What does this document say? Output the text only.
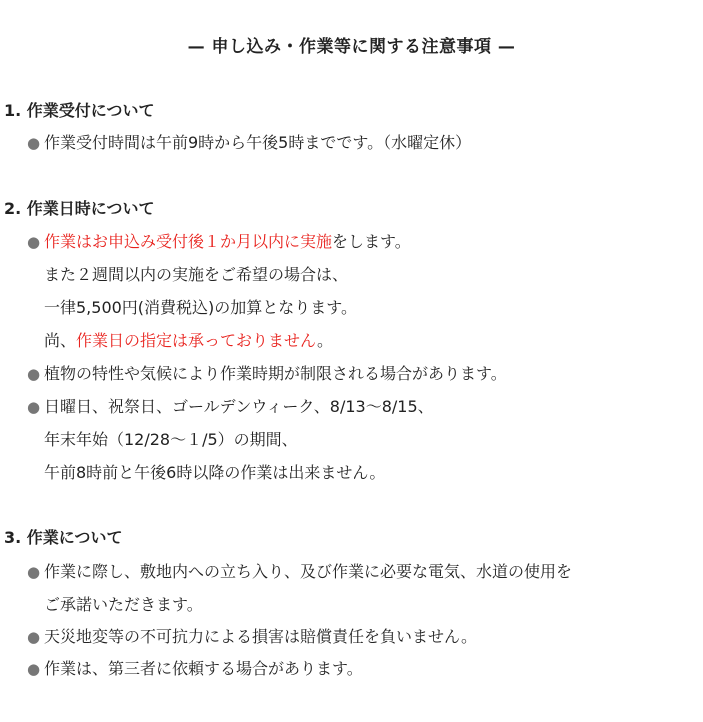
— 申し込み・作業等に関する注意事項 —
1. 作業受付について
● 作業受付時間は午前9時から午後5時までです。（水曜定休）
2. 作業日時について
● 作業はお申込み受付後１か月以内に実施をします。
また２週間以内の実施をご希望の場合は、
一律5,500円(消費税込)の加算となります。
尚、作業日の指定は承っておりません。
● 植物の特性や気候により作業時期が制限される場合があります。
● 日曜日、祝祭日、ゴールデンウィーク、8/13〜8/15、
年末年始（12/28〜１/5）の期間、
午前8時前と午後6時以降の作業は出来ません。
3. 作業について
● 作業に際し、敷地内への立ち入り、及び作業に必要な電気、水道の使用を
ご承諾いただきます。
● 天災地変等の不可抗力による損害は賠償責任を負いません。
● 作業は、第三者に依頼する場合があります。
